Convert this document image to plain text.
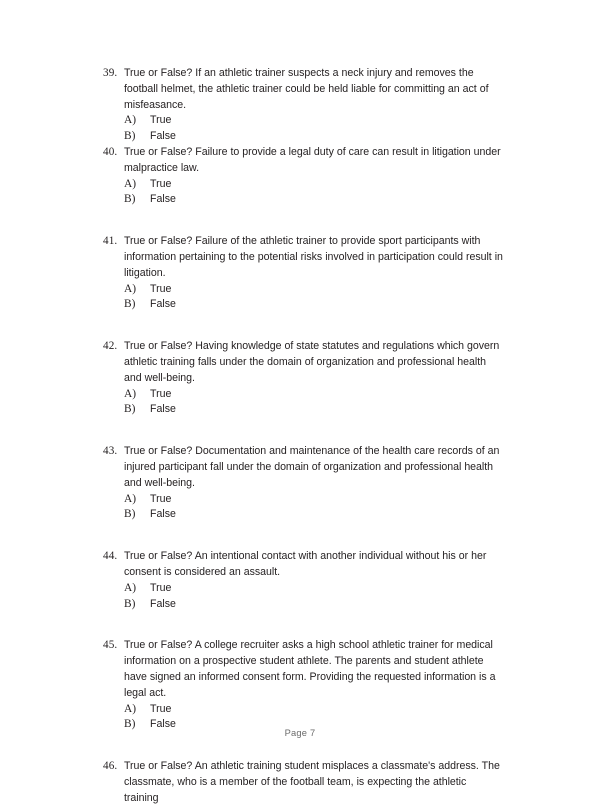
39. True or False? If an athletic trainer suspects a neck injury and removes the football helmet, the athletic trainer could be held liable for committing an act of misfeasance.
A)	True
B)	False
40. True or False? Failure to provide a legal duty of care can result in litigation under malpractice law.
A)	True
B)	False
41. True or False? Failure of the athletic trainer to provide sport participants with information pertaining to the potential risks involved in participation could result in litigation.
A)	True
B)	False
42. True or False? Having knowledge of state statutes and regulations which govern athletic training falls under the domain of organization and professional health and well-being.
A)	True
B)	False
43. True or False? Documentation and maintenance of the health care records of an injured participant fall under the domain of organization and professional health and well-being.
A)	True
B)	False
44. True or False? An intentional contact with another individual without his or her consent is considered an assault.
A)	True
B)	False
45. True or False? A college recruiter asks a high school athletic trainer for medical information on a prospective student athlete. The parents and student athlete have signed an informed consent form. Providing the requested information is a legal act.
A)	True
B)	False
46. True or False? An athletic training student misplaces a classmate's address. The classmate, who is a member of the football team, is expecting the athletic training
Page 7
